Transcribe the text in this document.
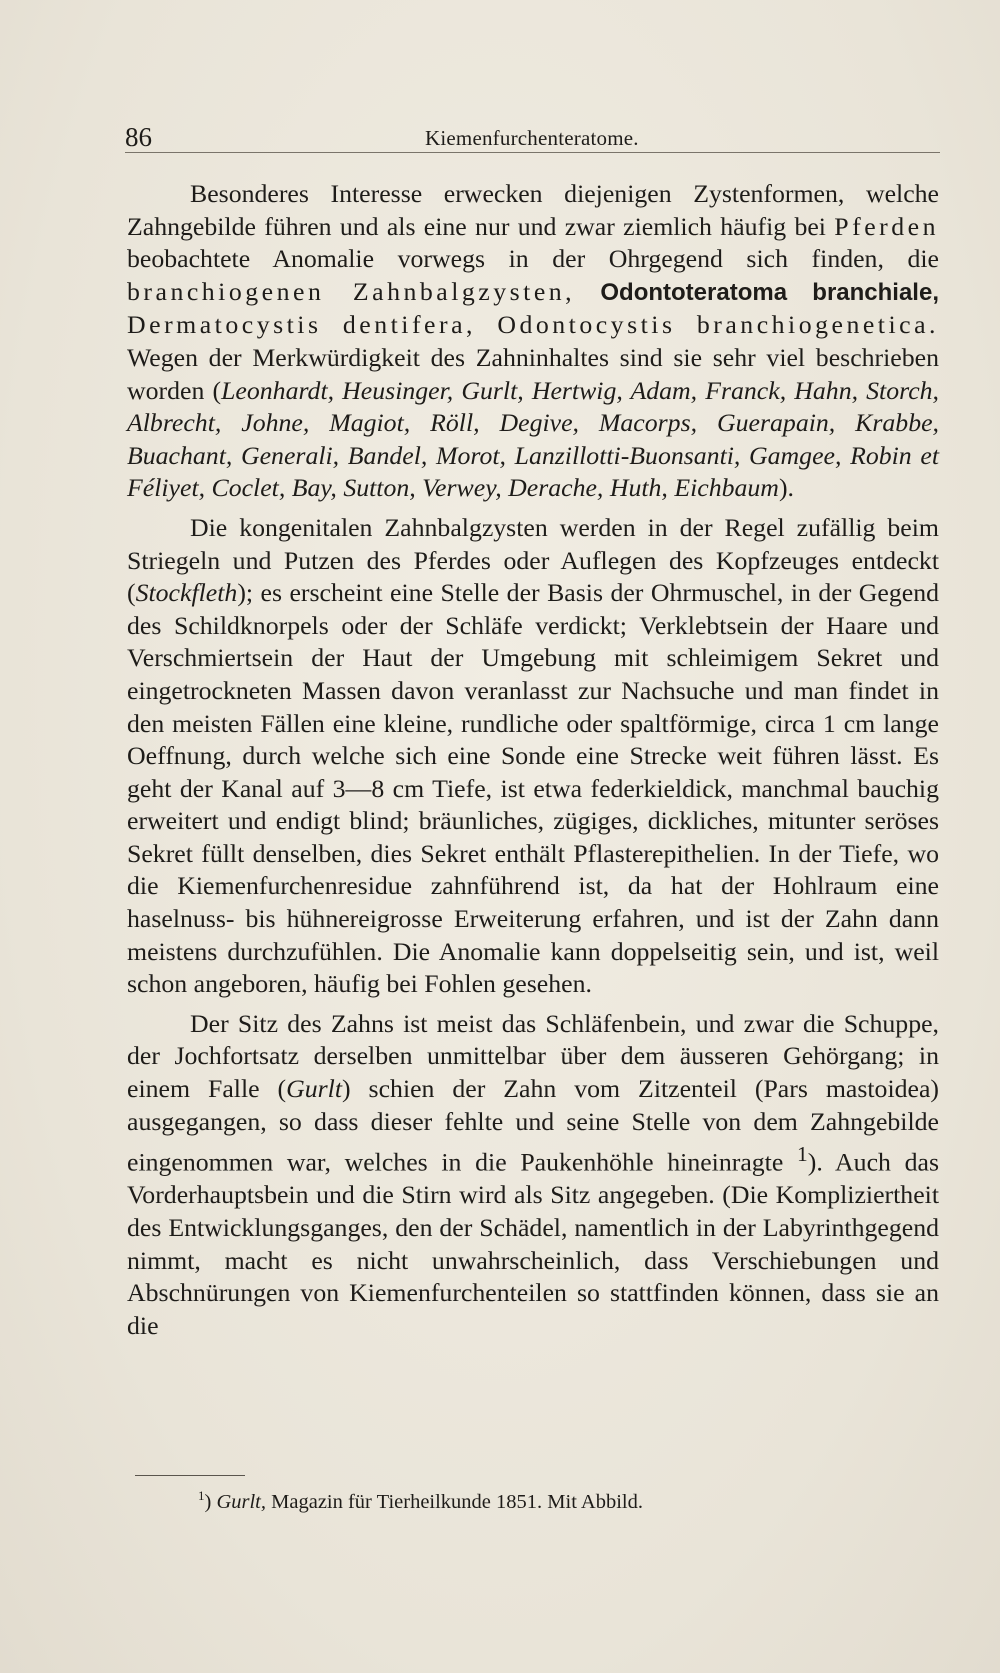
86	Kiemenfurchenteratome.

Besonderes Interesse erwecken diejenigen Zystenformen, welche Zahngebilde führen und als eine nur und zwar ziemlich häufig bei Pferden beobachtete Anomalie vorwegs in der Ohrgegend sich finden, die branchiogenen Zahnbalgzysten, Odontoteratoma branchiale, Dermatocystis dentifera, Odontocystis branchiogenetica. Wegen der Merkwürdigkeit des Zahninhaltes sind sie sehr viel beschrieben worden (Leonhardt, Heusinger, Gurlt, Hertwig, Adam, Franck, Hahn, Storch, Albrecht, Johne, Magiot, Röll, Degive, Macorps, Guerapain, Krabbe, Buachant, Generali, Bandel, Morot, Lanzillotti-Buonsanti, Gamgee, Robin et Féliyet, Coclet, Bay, Sutton, Verwey, Derache, Huth, Eichbaum).

Die kongenitalen Zahnbalgzysten werden in der Regel zufällig beim Striegeln und Putzen des Pferdes oder Auflegen des Kopfzeuges entdeckt (Stockfleth); es erscheint eine Stelle der Basis der Ohrmuschel, in der Gegend des Schildknorpels oder der Schläfe verdickt; Verklebtsein der Haare und Verschmiertsein der Haut der Umgebung mit schleimigem Sekret und eingetrockneten Massen davon veranlasst zur Nachsuche und man findet in den meisten Fällen eine kleine, rundliche oder spaltförmige, circa 1 cm lange Oeffnung, durch welche sich eine Sonde eine Strecke weit führen lässt. Es geht der Kanal auf 3—8 cm Tiefe, ist etwa federkieldick, manchmal bauchig erweitert und endigt blind; bräunliches, zügiges, dickliches, mitunter seröses Sekret füllt denselben, dies Sekret enthält Pflasterepithelien. In der Tiefe, wo die Kiemenfurchenresidue zahnführend ist, da hat der Hohlraum eine haselnuss- bis hühnereigrosse Erweiterung erfahren, und ist der Zahn dann meistens durchzufühlen. Die Anomalie kann doppelseitig sein, und ist, weil schon angeboren, häufig bei Fohlen gesehen.

Der Sitz des Zahns ist meist das Schläfenbein, und zwar die Schuppe, der Jochfortsatz derselben unmittelbar über dem äusseren Gehörgang; in einem Falle (Gurlt) schien der Zahn vom Zitzenteil (Pars mastoidea) ausgegangen, so dass dieser fehlte und seine Stelle von dem Zahngebilde eingenommen war, welches in die Paukenhöhle hineinragte $^1$). Auch das Vorderhauptsbein und die Stirn wird als Sitz angegeben. (Die Kompliziertheit des Entwicklungsganges, den der Schädel, namentlich in der Labyrinthgegend nimmt, macht es nicht unwahrscheinlich, dass Verschiebungen und Abschnürungen von Kiemenfurchenteilen so stattfinden können, dass sie an die

$^1$) Gurlt, Magazin für Tierheilkunde 1851. Mit Abbild.
